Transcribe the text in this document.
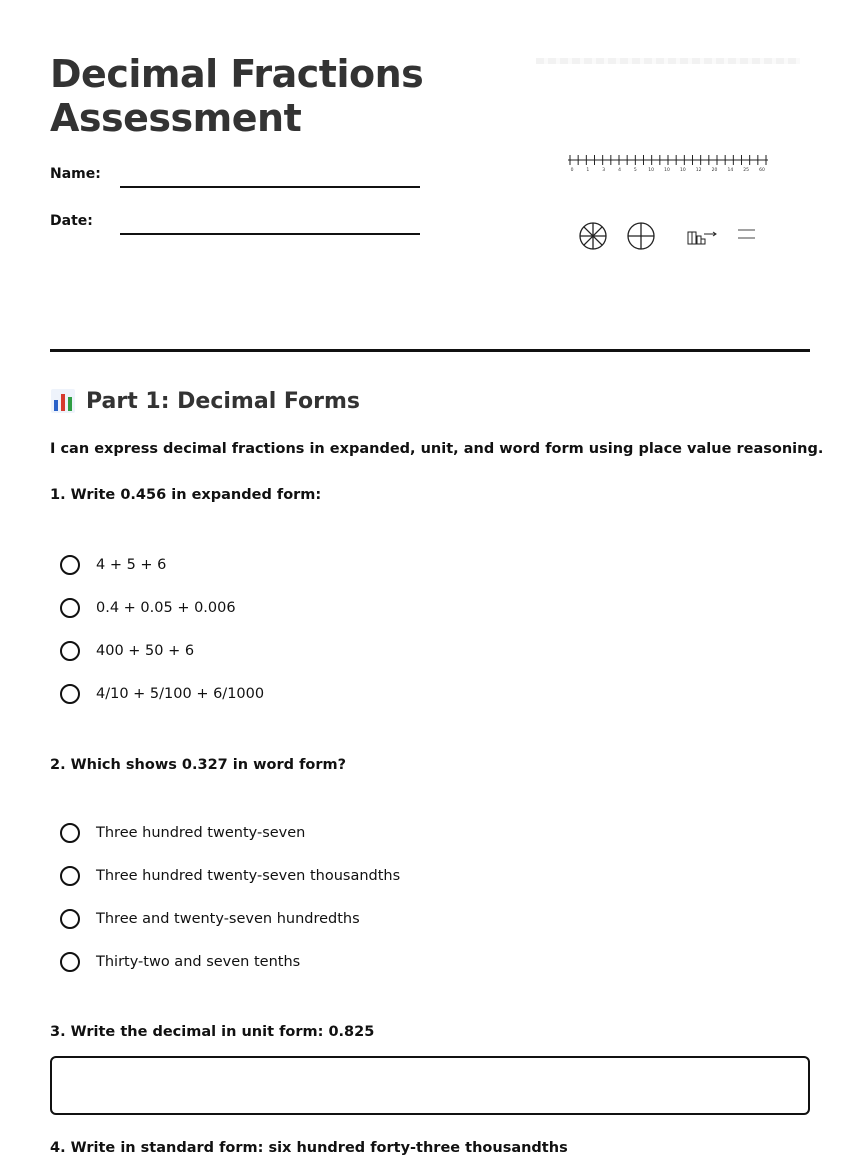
Decimal Fractions
Assessment
Name:
Date:
0	1	3	4	5	10 10 10 12 20 14 25 60
Part 1: Decimal Forms
I can express decimal fractions in expanded, unit, and word form using place value reasoning.
1. Write 0.456 in expanded form:
4 + 5 + 6
0.4 + 0.05 + 0.006
400 + 50 + 6
4/10 + 5/100 + 6/1000
2. Which shows 0.327 in word form?
Three hundred twenty-seven
Three hundred twenty-seven thousandths
Three and twenty-seven hundredths
Thirty-two and seven tenths
3. Write the decimal in unit form: 0.825
4. Write in standard form: six hundred forty-three thousandths
